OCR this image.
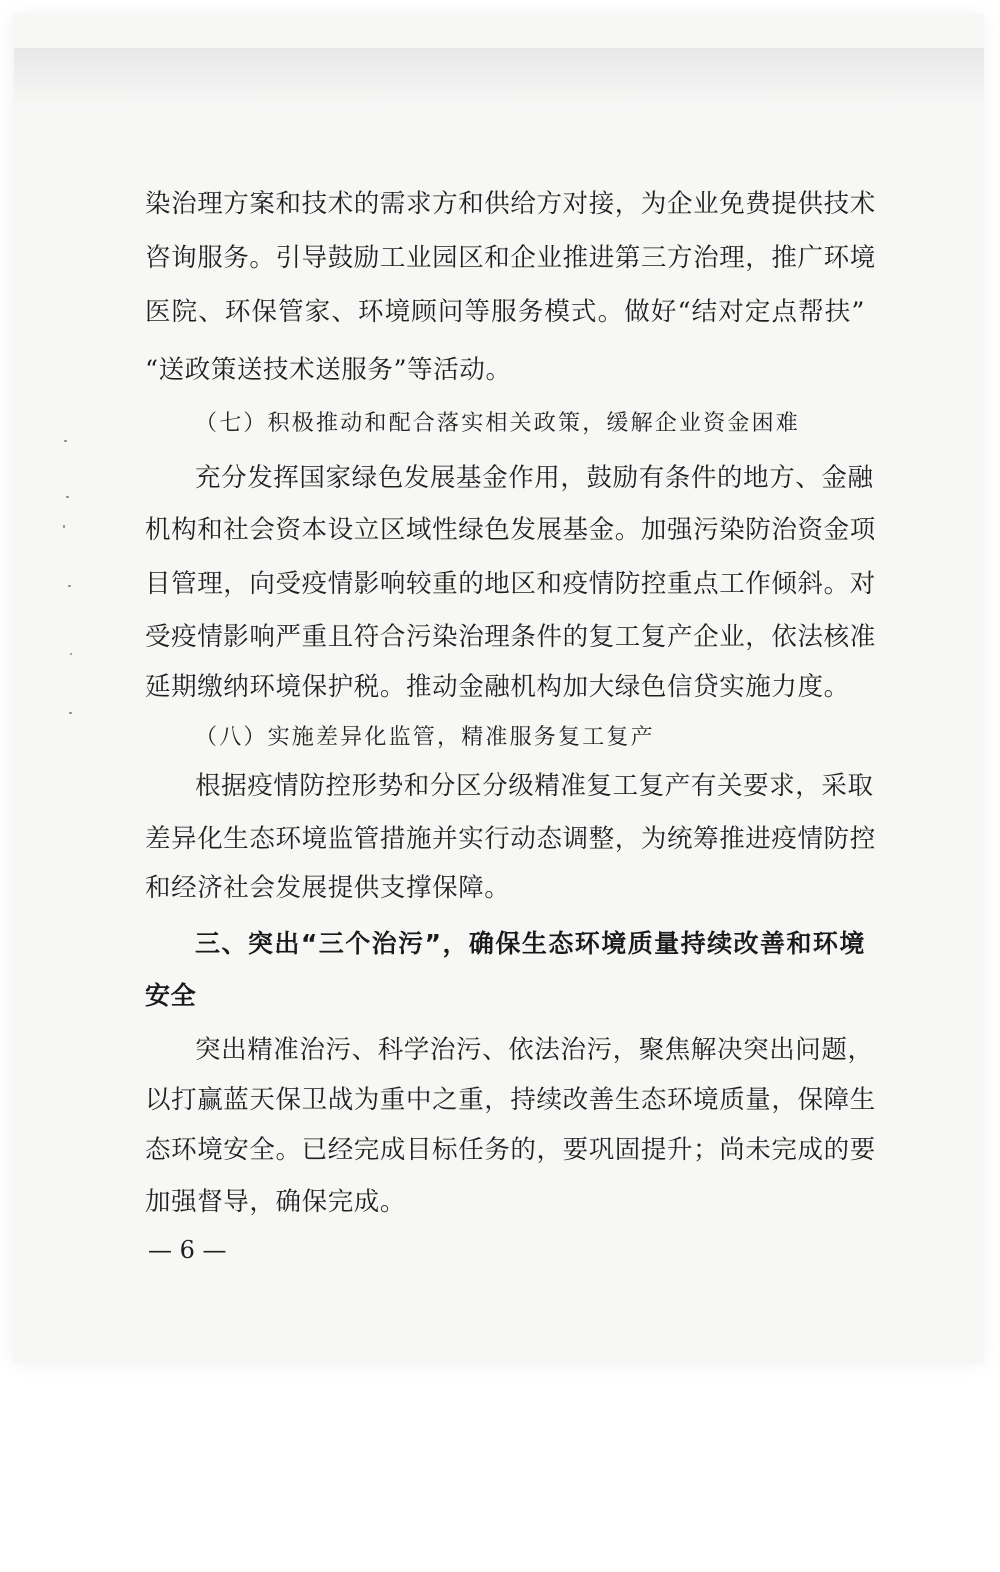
染治理方案和技术的需求方和供给方对接，为企业免费提供技术
咨询服务。引导鼓励工业园区和企业推进第三方治理，推广环境
医院、环保管家、环境顾问等服务模式。做好“结对定点帮扶”
“送政策送技术送服务”等活动。
（七）积极推动和配合落实相关政策，缓解企业资金困难
充分发挥国家绿色发展基金作用，鼓励有条件的地方、金融
机构和社会资本设立区域性绿色发展基金。加强污染防治资金项
目管理，向受疫情影响较重的地区和疫情防控重点工作倾斜。对
受疫情影响严重且符合污染治理条件的复工复产企业，依法核准
延期缴纳环境保护税。推动金融机构加大绿色信贷实施力度。
（八）实施差异化监管，精准服务复工复产
根据疫情防控形势和分区分级精准复工复产有关要求，采取
差异化生态环境监管措施并实行动态调整，为统筹推进疫情防控
和经济社会发展提供支撑保障。
三、突出“三个治污”，确保生态环境质量持续改善和环境
安全
突出精准治污、科学治污、依法治污，聚焦解决突出问题，
以打赢蓝天保卫战为重中之重，持续改善生态环境质量，保障生
态环境安全。已经完成目标任务的，要巩固提升；尚未完成的要
加强督导，确保完成。
— 6 —
